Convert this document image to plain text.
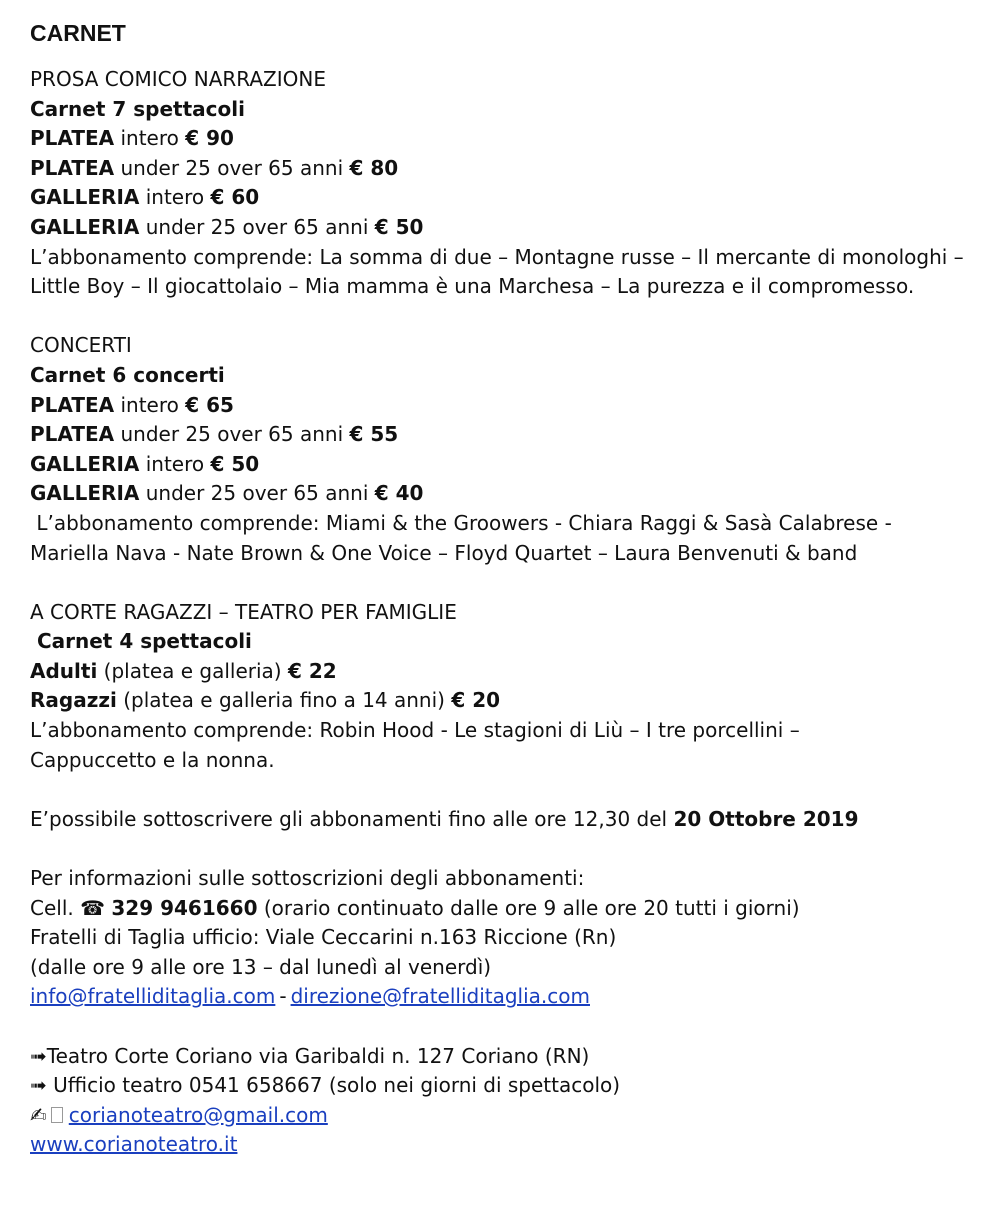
CARNET
PROSA COMICO NARRAZIONE
Carnet 7 spettacoli
PLATEA intero € 90
PLATEA under 25 over 65 anni € 80
GALLERIA intero € 60
GALLERIA under 25 over 65 anni € 50
L’abbonamento comprende: La somma di due – Montagne russe – Il mercante di monologhi – Little Boy – Il giocattolaio – Mia mamma è una Marchesa – La purezza e il compromesso.
CONCERTI
Carnet 6 concerti
PLATEA intero € 65
PLATEA under 25 over 65 anni € 55
GALLERIA intero € 50
GALLERIA under 25 over 65 anni € 40
L’abbonamento comprende: Miami & the Groowers - Chiara Raggi & Sasà Calabrese - Mariella Nava - Nate Brown & One Voice – Floyd Quartet – Laura Benvenuti & band
A CORTE RAGAZZI – TEATRO PER FAMIGLIE
Carnet 4 spettacoli
Adulti (platea e galleria) € 22
Ragazzi (platea e galleria fino a 14 anni) € 20
L’abbonamento comprende: Robin Hood - Le stagioni di Liù – I tre porcellini – Cappuccetto e la nonna.
E’possibile sottoscrivere gli abbonamenti fino alle ore 12,30 del 20 Ottobre 2019
Per informazioni sulle sottoscrizioni degli abbonamenti:
Cell. ☎ 329 9461660 (orario continuato dalle ore 9 alle ore 20 tutti i giorni)
Fratelli di Taglia ufficio: Viale Ceccarini n.163 Riccione (Rn)
(dalle ore 9 alle ore 13 – dal lunedì al venerdì)
info@fratelliditaglia.com - direzione@fratelliditaglia.com
➟Teatro Corte Coriano via Garibaldi n. 127 Coriano (RN)
➟ Ufficio teatro 0541 658667 (solo nei giorni di spettacolo)
✍ corianoteatro@gmail.com
www.corianoteatro.it
